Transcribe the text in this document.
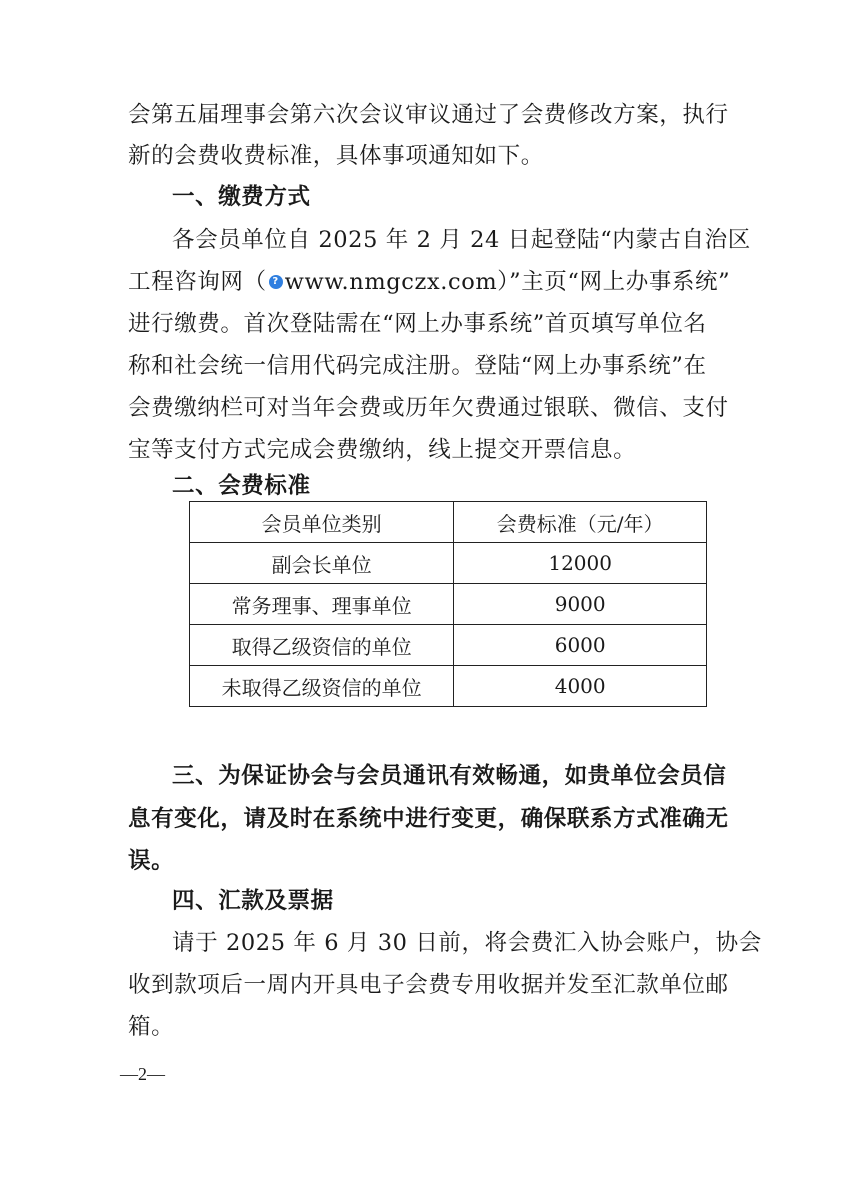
会第五届理事会第六次会议审议通过了会费修改方案，执行
新的会费收费标准，具体事项通知如下。
一、缴费方式
各会员单位自 2025 年 2 月 24 日起登陆“内蒙古自治区
工程咨询网（ ? www.nmgczx.com）”主页“网上办事系统”
进行缴费。首次登陆需在“网上办事系统”首页填写单位名
称和社会统一信用代码完成注册。登陆“网上办事系统”在
会费缴纳栏可对当年会费或历年欠费通过银联、微信、支付
宝等支付方式完成会费缴纳，线上提交开票信息。
二、会费标准
会员单位类别	会费标准（元/年）
副会长单位	12000
常务理事、理事单位	9000
取得乙级资信的单位	6000
未取得乙级资信的单位	4000
三、为保证协会与会员通讯有效畅通，如贵单位会员信
息有变化，请及时在系统中进行变更，确保联系方式准确无
误。
四、汇款及票据
请于 2025 年 6 月 30 日前，将会费汇入协会账户，协会
收到款项后一周内开具电子会费专用收据并发至汇款单位邮
箱。
—2—
